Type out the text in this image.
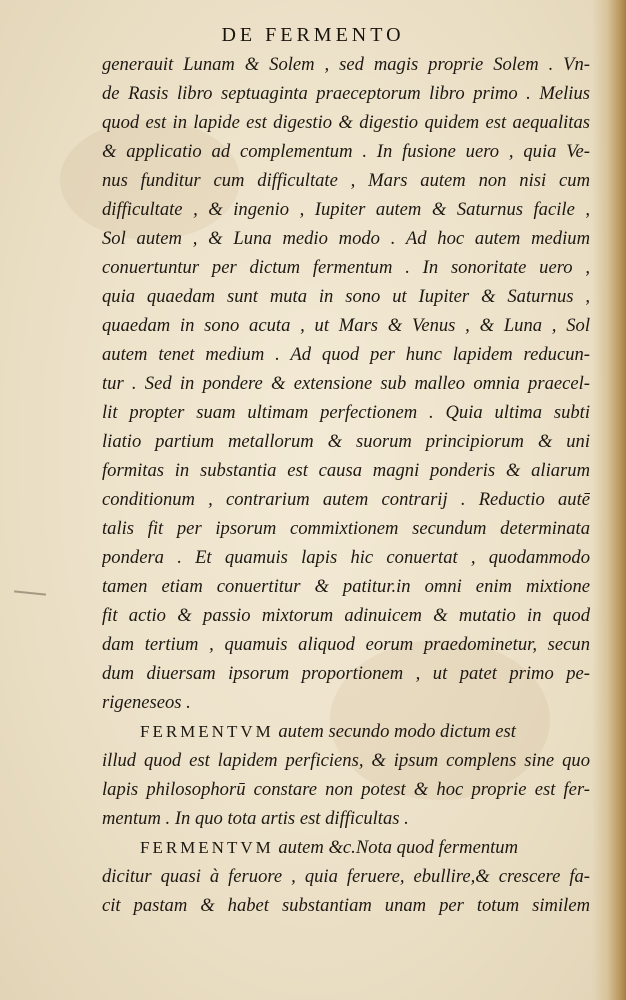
DE FERMENTO
generauit Lunam & Solem , sed magis proprie Solem . Vn-
de Rasis libro septuaginta praeceptorum libro primo . Melius
quod est in lapide est digestio & digestio quidem est aequalitas
& applicatio ad complementum . In fusione uero , quia Ve-
nus funditur cum difficultate , Mars autem non nisi cum
difficultate , & ingenio , Iupiter autem & Saturnus facile ,
Sol autem , & Luna medio modo . Ad hoc autem medium
conuertuntur per dictum fermentum . In sonoritate uero ,
quia quaedam sunt muta in sono ut Iupiter & Saturnus ,
quaedam in sono acuta , ut Mars & Venus , & Luna , Sol
autem tenet medium . Ad quod per hunc lapidem reducun-
tur . Sed in pondere & extensione sub malleo omnia praecel-
lit propter suam ultimam perfectionem . Quia ultima subti
liatio partium metallorum & suorum principiorum & uni
formitas in substantia est causa magni ponderis & aliarum
conditionum , contrarium autem contrarij . Reductio autē
talis fit per ipsorum commixtionem secundum determinata
pondera . Et quamuis lapis hic conuertat , quodammodo
tamen etiam conuertitur & patitur.in omni enim mixtione
fit actio & passio mixtorum adinuicem & mutatio in quod
dam tertium , quamuis aliquod eorum praedominetur, secun
dum diuersam ipsorum proportionem , ut patet primo pe-
rigeneseos .
FERMENTVM autem secundo modo dictum est
illud quod est lapidem perficiens, & ipsum complens sine quo
lapis philosophorū constare non potest & hoc proprie est fer-
mentum . In quo tota artis est difficultas .
FERMENTVM autem &c.Nota quod fermentum
dicitur quasi à feruore , quia feruere, ebullire,& crescere fa-
cit pastam & habet substantiam unam per totum similem
